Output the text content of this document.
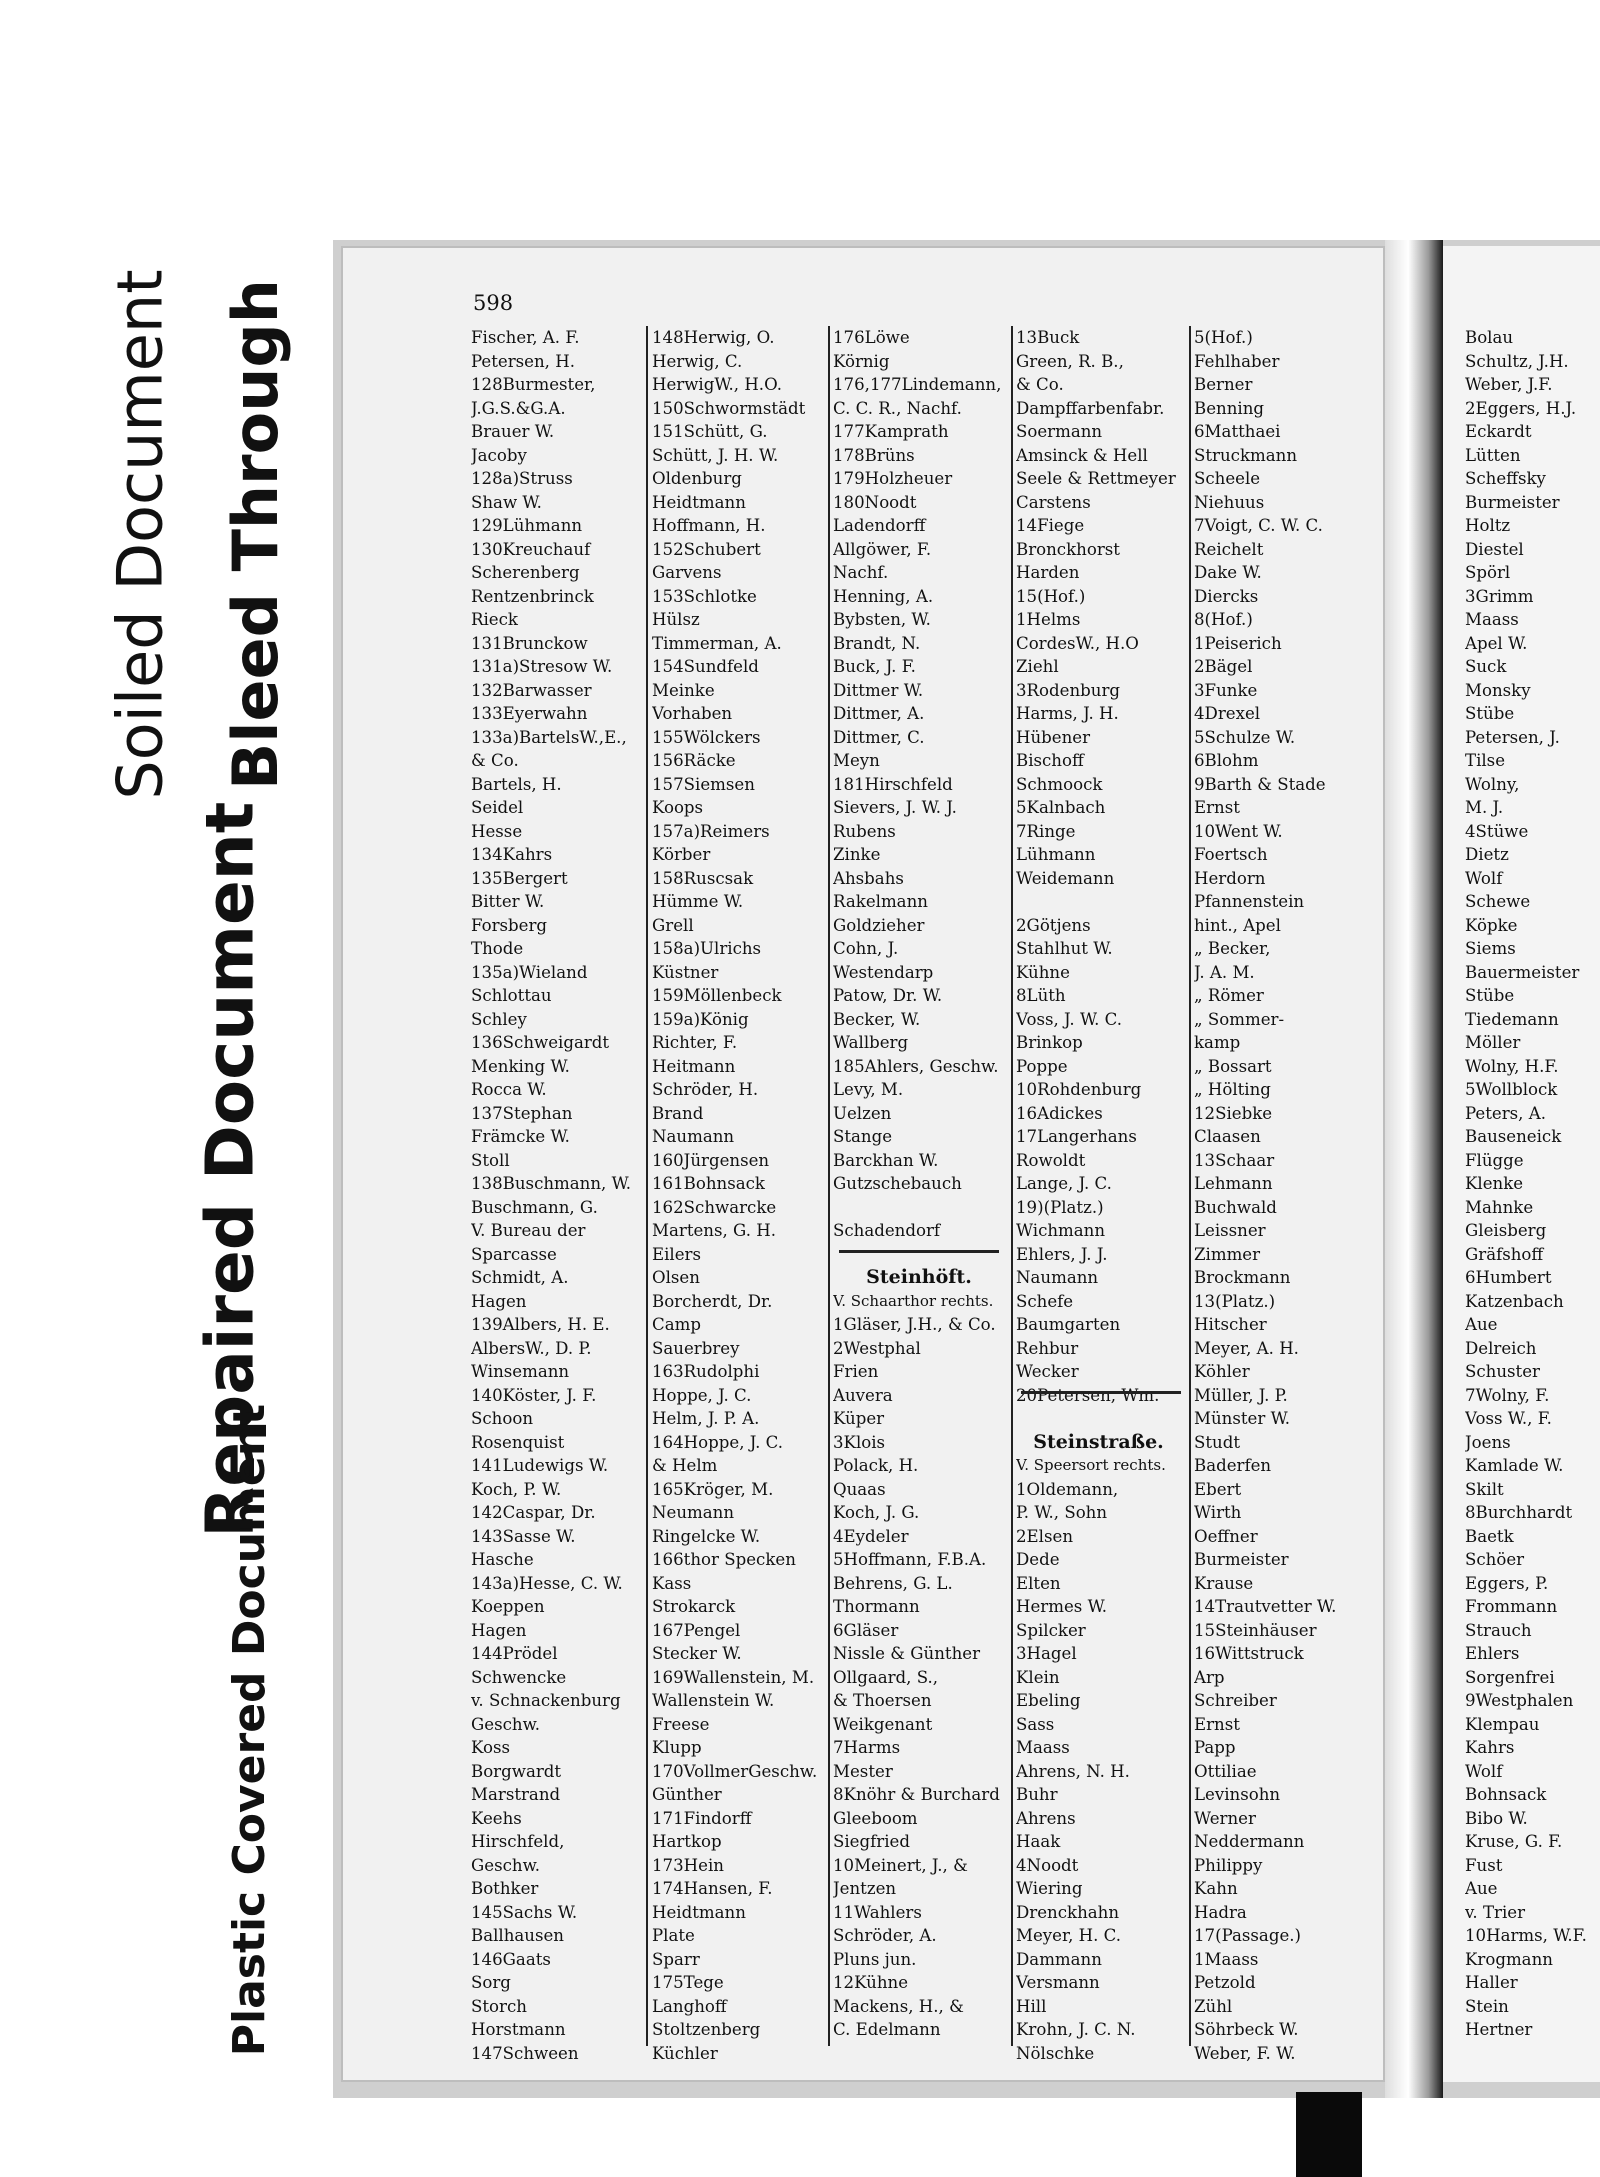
Soiled Document Bleed Through
Repaired Document
Plastic Covered Document
598
Fischer, A. F.
Petersen, H.
128Burmester,
J.G.S.&G.A.
Brauer W.
Jacoby
128a)Struss
Shaw W.
129Lühmann
130Kreuchauf
Scherenberg
Rentzenbrinck
Rieck
131Brunckow
131a)Stresow W.
132Barwasser
133Eyerwahn
133a)BartelsW.,E.,
& Co.
Bartels, H.
Seidel
Hesse
134Kahrs
135Bergert
Bitter W.
Forsberg
Thode
135a)Wieland
Schlottau
Schley
136Schweigardt
Menking W.
Rocca W.
137Stephan
Främcke W.
Stoll
138Buschmann, W.
Buschmann, G.
V. Bureau der
Sparcasse
Schmidt, A.
Hagen
139Albers, H. E.
AlbersW., D. P.
Winsemann
140Köster, J. F.
Schoon
Rosenquist
141Ludewigs W.
Koch, P. W.
142Caspar, Dr.
143Sasse W.
Hasche
143a)Hesse, C. W.
Koeppen
Hagen
144Prödel
Schwencke
v. Schnackenburg
Geschw.
Koss
Borgwardt
Marstrand
Keehs
Hirschfeld,
Geschw.
Bothker
145Sachs W.
Ballhausen
146Gaats
Sorg
Storch
Horstmann
147Schween
148Herwig, O.
Herwig, C.
HerwigW., H.O.
150Schwormstädt
151Schütt, G.
Schütt, J. H. W.
Oldenburg
Heidtmann
Hoffmann, H.
152Schubert
Garvens
153Schlotke
Hülsz
Timmerman, A.
154Sundfeld
Meinke
Vorhaben
155Wölckers
156Räcke
157Siemsen
Koops
157a)Reimers
Körber
158Ruscsak
Hümme W.
Grell
158a)Ulrichs
Küstner
159Möllenbeck
159a)König
Richter, F.
Heitmann
Schröder, H.
Brand
Naumann
160Jürgensen
161Bohnsack
162Schwarcke
Martens, G. H.
Eilers
Olsen
Borcherdt, Dr.
Camp
Sauerbrey
163Rudolphi
Hoppe, J. C.
Helm, J. P. A.
164Hoppe, J. C.
& Helm
165Kröger, M.
Neumann
Ringelcke W.
166thor Specken
Kass
Strokarck
167Pengel
Stecker W.
169Wallenstein, M.
Wallenstein W.
Freese
Klupp
170VollmerGeschw.
Günther
171Findorff
Hartkop
173Hein
174Hansen, F.
Heidtmann
Plate
Sparr
175Tege
Langhoff
Stoltzenberg
Küchler
176Löwe
Körnig
176,177Lindemann,
C. C. R., Nachf.
177Kamprath
178Brüns
179Holzheuer
180Noodt
Ladendorff
Allgöwer, F.
Nachf.
Henning, A.
Bybsten, W.
Brandt, N.
Buck, J. F.
Dittmer W.
Dittmer, A.
Dittmer, C.
Meyn
181Hirschfeld
Sievers, J. W. J.
Rubens
Zinke
Ahsbahs
Rakelmann
Goldzieher
Cohn, J.
Westendarp
Patow, Dr. W.
Becker, W.
Wallberg
185Ahlers, Geschw.
Levy, M.
Uelzen
Stange
Barckhan W.
Gutzschebauch
Schadendorf
Steinhöft.
V. Schaarthor rechts.
1Gläser, J.H., & Co.
2Westphal
Frien
Auvera
Küper
3Klois
Polack, H.
Quaas
Koch, J. G.
4Eydeler
5Hoffmann, F.B.A.
Behrens, G. L.
Thormann
6Gläser
Nissle & Günther
Ollgaard, S.,
& Thoersen
Weikgenant
7Harms
Mester
8Knöhr & Burchard
Gleeboom
Siegfried
10Meinert, J., &
Jentzen
11Wahlers
Schröder, A.
Pluns jun.
12Kühne
Mackens, H., &
C. Edelmann
13Buck
Green, R. B.,
& Co.
Dampffarbenfabr.
Soermann
Amsinck & Hell
Seele & Rettmeyer
Carstens
14Fiege
Bronckhorst
Harden
15(Hof.)
1Helms
CordesW., H.O
Ziehl
3Rodenburg
Harms, J. H.
Hübener
Bischoff
Schmoock
5Kalnbach
7Ringe
Lühmann
Weidemann
2Götjens
Stahlhut W.
Kühne
8Lüth
Voss, J. W. C.
Brinkop
Poppe
10Rohdenburg
16Adickes
17Langerhans
Rowoldt
Lange, J. C.
19)(Platz.)
Wichmann
Ehlers, J. J.
Naumann
Schefe
Baumgarten
Rehbur
Wecker
20Petersen, Wm.
Steinstraße.
V. Speersort rechts.
1Oldemann,
P. W., Sohn
2Elsen
Dede
Elten
Hermes W.
Spilcker
3Hagel
Klein
Ebeling
Sass
Maass
Ahrens, N. H.
Buhr
Ahrens
Haak
4Noodt
Wiering
Drenckhahn
Meyer, H. C.
Dammann
Versmann
Hill
Krohn, J. C. N.
Nölschke
5(Hof.)
Fehlhaber
Berner
Benning
6Matthaei
Struckmann
Scheele
Niehuus
7Voigt, C. W. C.
Reichelt
Dake W.
Diercks
8(Hof.)
1Peiserich
2Bägel
3Funke
4Drexel
5Schulze W.
6Blohm
9Barth & Stade
Ernst
10Went W.
Foertsch
Herdorn
Pfannenstein
hint., Apel
„ Becker,
J. A. M.
„ Römer
„ Sommer-
kamp
„ Bossart
„ Hölting
12Siebke
Claasen
13Schaar
Lehmann
Buchwald
Leissner
Zimmer
Brockmann
13(Platz.)
Hitscher
Meyer, A. H.
Köhler
Müller, J. P.
Münster W.
Studt
Baderfen
Ebert
Wirth
Oeffner
Burmeister
Krause
14Trautvetter W.
15Steinhäuser
16Wittstruck
Arp
Schreiber
Ernst
Papp
Ottiliae
Levinsohn
Werner
Neddermann
Philippy
Kahn
Hadra
17(Passage.)
1Maass
Petzold
Zühl
Söhrbeck W.
Weber, F. W.
Bolau
Schultz, J.H.
Weber, J.F.
2Eggers, H.J.
Eckardt
Lütten
Scheffsky
Burmeister
Holtz
Diestel
Spörl
3Grimm
Maass
Apel W.
Suck
Monsky
Stübe
Petersen, J.
Tilse
Wolny,
M. J.
4Stüwe
Dietz
Wolf
Schewe
Köpke
Siems
Bauermeister
Stübe
Tiedemann
Möller
Wolny, H.F.
5Wollblock
Peters, A.
Bauseneick
Flügge
Klenke
Mahnke
Gleisberg
Gräfshoff
6Humbert
Katzenbach
Aue
Delreich
Schuster
7Wolny, F.
Voss W., F.
Joens
Kamlade W.
Skilt
8Burchhardt
Baetk
Schöer
Eggers, P.
Frommann
Strauch
Ehlers
Sorgenfrei
9Westphalen
Klempau
Kahrs
Wolf
Bohnsack
Bibo W.
Kruse, G. F.
Fust
Aue
v. Trier
10Harms, W.F.
Krogmann
Haller
Stein
Hertner
